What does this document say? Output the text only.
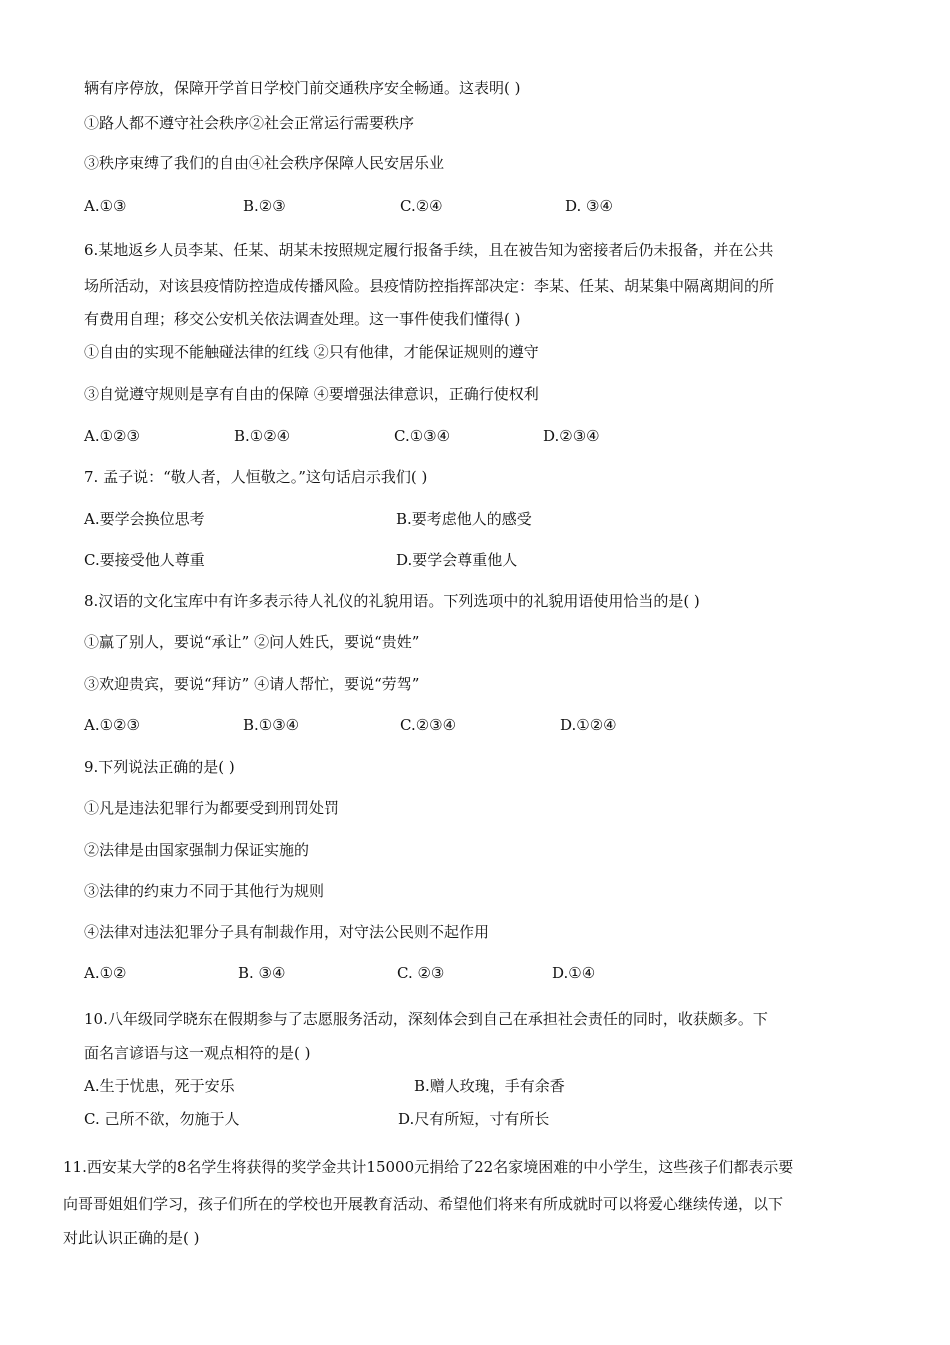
辆有序停放，保障开学首日学校门前交通秩序安全畅通。这表明( )
①路人都不遵守社会秩序②社会正常运行需要秩序
③秩序束缚了我们的自由④社会秩序保障人民安居乐业
A.①③	B.②③	C.②④	D. ③④
6.某地返乡人员李某、任某、胡某未按照规定履行报备手续，且在被告知为密接者后仍未报备，并在公共
场所活动，对该县疫情防控造成传播风险。县疫情防控指挥部决定：李某、任某、胡某集中隔离期间的所
有费用自理；移交公安机关依法调查处理。这一事件使我们懂得( )
①自由的实现不能触碰法律的红线 ②只有他律，才能保证规则的遵守
③自觉遵守规则是享有自由的保障 ④要增强法律意识，正确行使权利
A.①②③	B.①②④	C.①③④	D.②③④
7. 孟子说：“敬人者，人恒敬之。”这句话启示我们( )
A.要学会换位思考	B.要考虑他人的感受
C.要接受他人尊重	D.要学会尊重他人
8.汉语的文化宝库中有许多表示待人礼仪的礼貌用语。下列选项中的礼貌用语使用恰当的是( )
①赢了别人，要说“承让” ②问人姓氏，要说“贵姓”
③欢迎贵宾，要说“拜访” ④请人帮忙，要说“劳驾”
A.①②③	B.①③④	C.②③④	D.①②④
9.下列说法正确的是( )
①凡是违法犯罪行为都要受到刑罚处罚
②法律是由国家强制力保证实施的
③法律的约束力不同于其他行为规则
④法律对违法犯罪分子具有制裁作用，对守法公民则不起作用
A.①②	B. ③④	C. ②③	D.①④
10.八年级同学晓东在假期参与了志愿服务活动，深刻体会到自己在承担社会责任的同时，收获颇多。下
面名言谚语与这一观点相符的是( )
A.生于忧患，死于安乐	B.赠人玫瑰，手有余香
C. 己所不欲，勿施于人	D.尺有所短，寸有所长
11.西安某大学的8名学生将获得的奖学金共计15000元捐给了22名家境困难的中小学生，这些孩子们都表示要
向哥哥姐姐们学习，孩子们所在的学校也开展教育活动、希望他们将来有所成就时可以将爱心继续传递，以下
对此认识正确的是( )
